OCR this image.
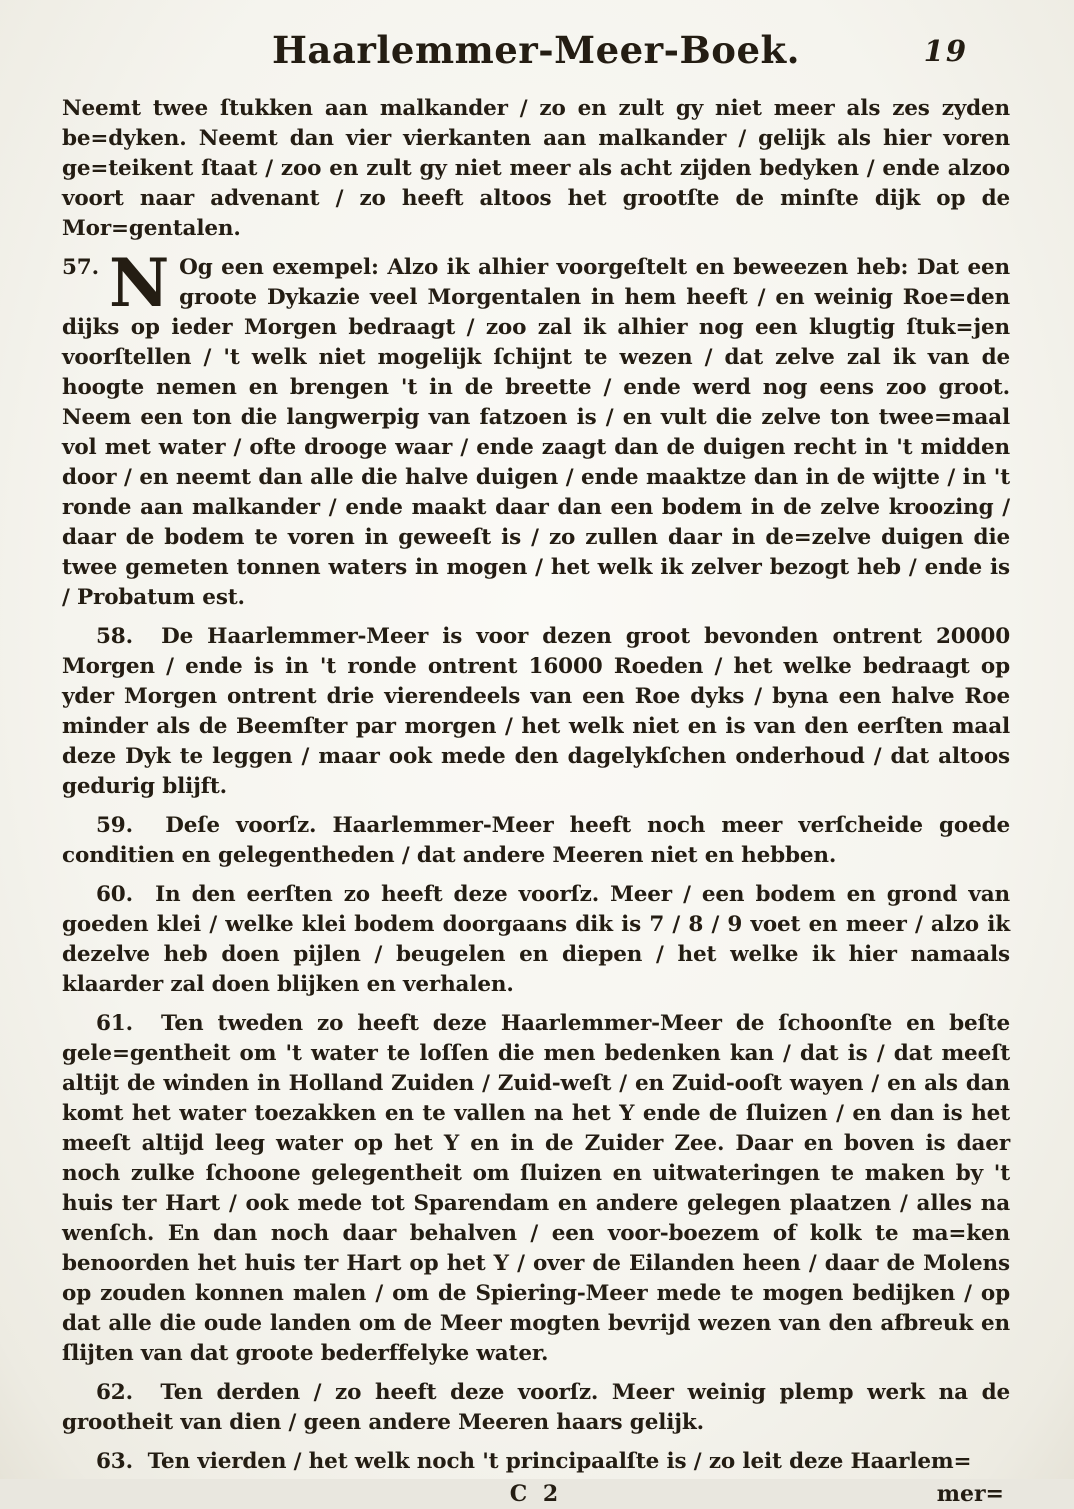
Haarlemmer-Meer-Boek.	19

Neemt twee ſtukken aan malkander / zo en zult gy niet meer als zes zyden be=dyken. Neemt dan vier vierkanten aan malkander / gelijk als hier voren ge=teikent ſtaat / zoo en zult gy niet meer als acht zijden bedyken / ende alzoo voort naar advenant / zo heeft altoos het grootſte de minſte dijk op de Mor=gentalen.

57. N Og een exempel: Alzo ik alhier voorgeſtelt en beweezen heb: Dat een groote Dykazie veel Morgentalen in hem heeft / en weinig Roe=den dijks op ieder Morgen bedraagt / zoo zal ik alhier nog een klugtig ſtuk=jen voorſtellen / 't welk niet mogelijk ſchijnt te wezen / dat zelve zal ik van de hoogte nemen en brengen 't in de breette / ende werd nog eens zoo groot. Neem een ton die langwerpig van fatzoen is / en vult die zelve ton twee=maal vol met water / ofte drooge waar / ende zaagt dan de duigen recht in 't midden door / en neemt dan alle die halve duigen / ende maaktze dan in de wijtte / in 't ronde aan malkander / ende maakt daar dan een bodem in de zelve kroozing / daar de bodem te voren in geweeſt is / zo zullen daar in de=zelve duigen die twee gemeten tonnen waters in mogen / het welk ik zelver bezogt heb / ende is / Probatum est.

58.  De Haarlemmer-Meer is voor dezen groot bevonden ontrent 20000 Morgen / ende is in 't ronde ontrent 16000 Roeden / het welke bedraagt op yder Morgen ontrent drie vierendeels van een Roe dyks / byna een halve Roe minder als de Beemſter par morgen / het welk niet en is van den eerſten maal deze Dyk te leggen / maar ook mede den dagelykſchen onderhoud / dat altoos gedurig blijft.

59.  Deſe voorſz. Haarlemmer-Meer heeft noch meer verſcheide goede conditien en gelegentheden / dat andere Meeren niet en hebben.

60.  In den eerſten zo heeft deze voorſz. Meer / een bodem en grond van goeden klei / welke klei bodem doorgaans dik is 7 / 8 / 9 voet en meer / alzo ik dezelve heb doen pijlen / beugelen en diepen / het welke ik hier namaals klaarder zal doen blijken en verhalen.

61.  Ten tweden zo heeft deze Haarlemmer-Meer de ſchoonſte en beſte gele=gentheit om 't water te loſſen die men bedenken kan / dat is / dat meeſt altijt de winden in Holland Zuiden / Zuid-weſt / en Zuid-ooſt wayen / en als dan komt het water toezakken en te vallen na het Y ende de ſluizen / en dan is het meeſt altijd leeg water op het Y en in de Zuider Zee. Daar en boven is daer noch zulke ſchoone gelegentheit om ſluizen en uitwateringen te maken by 't huis ter Hart / ook mede tot Sparendam en andere gelegen plaatzen / alles na wenſch. En dan noch daar behalven / een voor-boezem of kolk te ma=ken benoorden het huis ter Hart op het Y / over de Eilanden heen / daar de Molens op zouden konnen malen / om de Spiering-Meer mede te mogen bedijken / op dat alle die oude landen om de Meer mogten bevrijd wezen van den afbreuk en ſlijten van dat groote bederffelyke water.

62.  Ten derden / zo heeft deze voorſz. Meer weinig plemp werk na de grootheit van dien / geen andere Meeren haars gelijk.

63.  Ten vierden / het welk noch 't principaalſte is / zo leit deze Haarlem=

C 2	mer=
